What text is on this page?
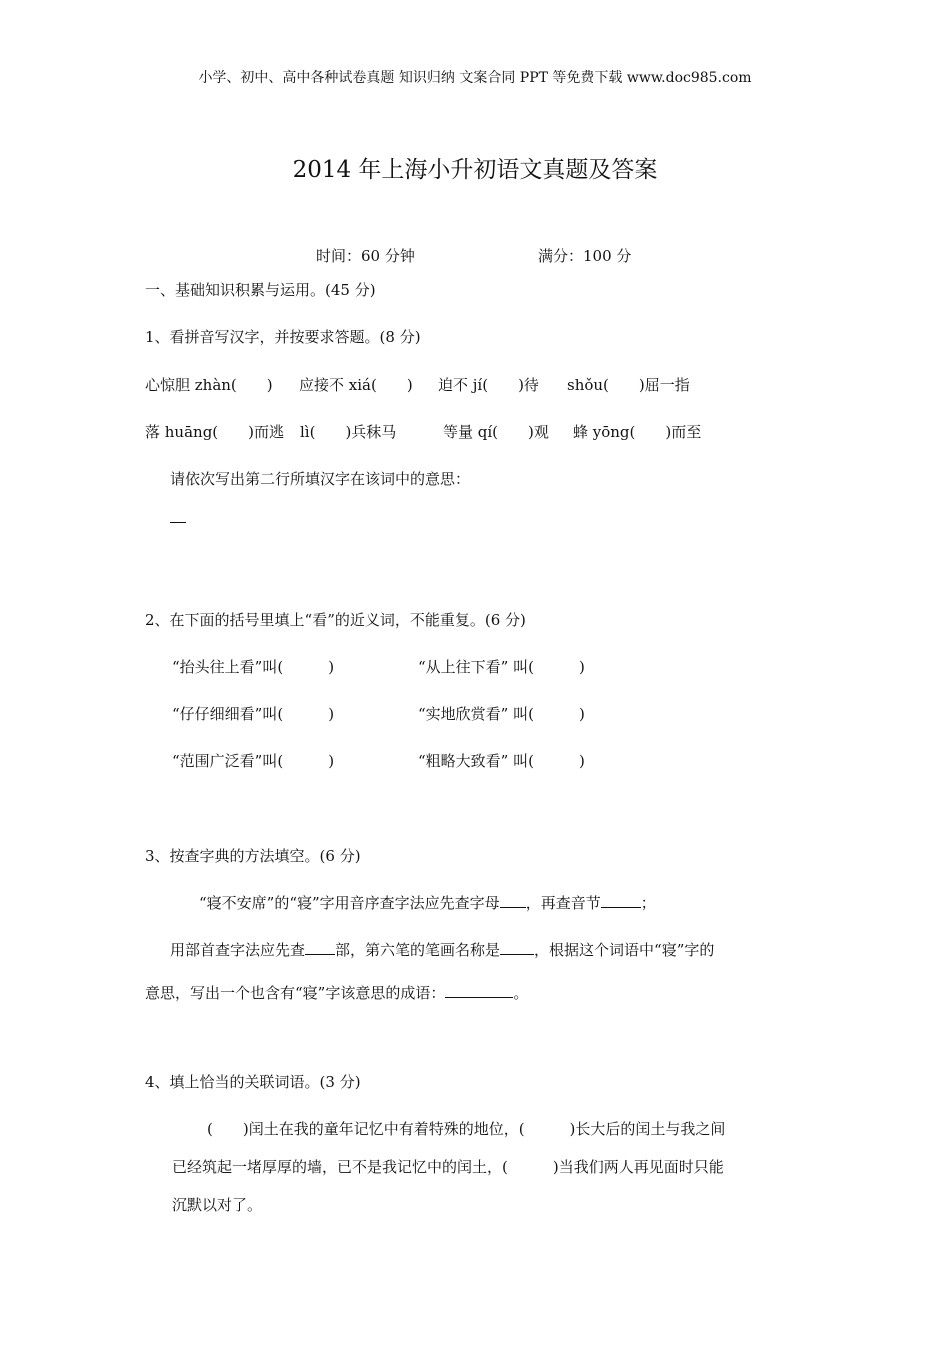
小学、初中、高中各种试卷真题 知识归纳 文案合同 PPT 等免费下载 www.doc985.com
2014 年上海小升初语文真题及答案
时间：60 分钟	满分：100 分
一、基础知识积累与运用。(45 分)
1、看拼音写汉字，并按要求答题。(8 分)
心惊胆 zhàn(　　) 应接不 xiá(　　) 迫不 jí(　　)待 shǒu(　　)屈一指
落 huāng(　　)而逃 lì(　　)兵秣马	等量 qí(　　)观 蜂 yōng(　　)而至
请依次写出第二行所填汉字在该词中的意思：
2、在下面的括号里填上“看”的近义词，不能重复。(6 分)
“抬头往上看”叫(　　　)	“从上往下看” 叫(　　　)
“仔仔细细看”叫(　　　)	“实地欣赏看” 叫(　　　)
“范围广泛看”叫(　　　)	“粗略大致看” 叫(　　　)
3、按查字典的方法填空。(6 分)
“寝不安席”的“寝”字用音序查字法应先查字母 ，再查音节	；
用部首查字法应先查 部，第六笔的笔画名称是 ，根据这个词语中“寝”字的
意思，写出一个也含有“寝”字该意思的成语：	。
4、填上恰当的关联词语。(3 分)
(　　)闰土在我的童年记忆中有着特殊的地位，(　　　)长大后的闰土与我之间
已经筑起一堵厚厚的墙，已不是我记忆中的闰土，(　　　)当我们两人再见面时只能
沉默以对了。
